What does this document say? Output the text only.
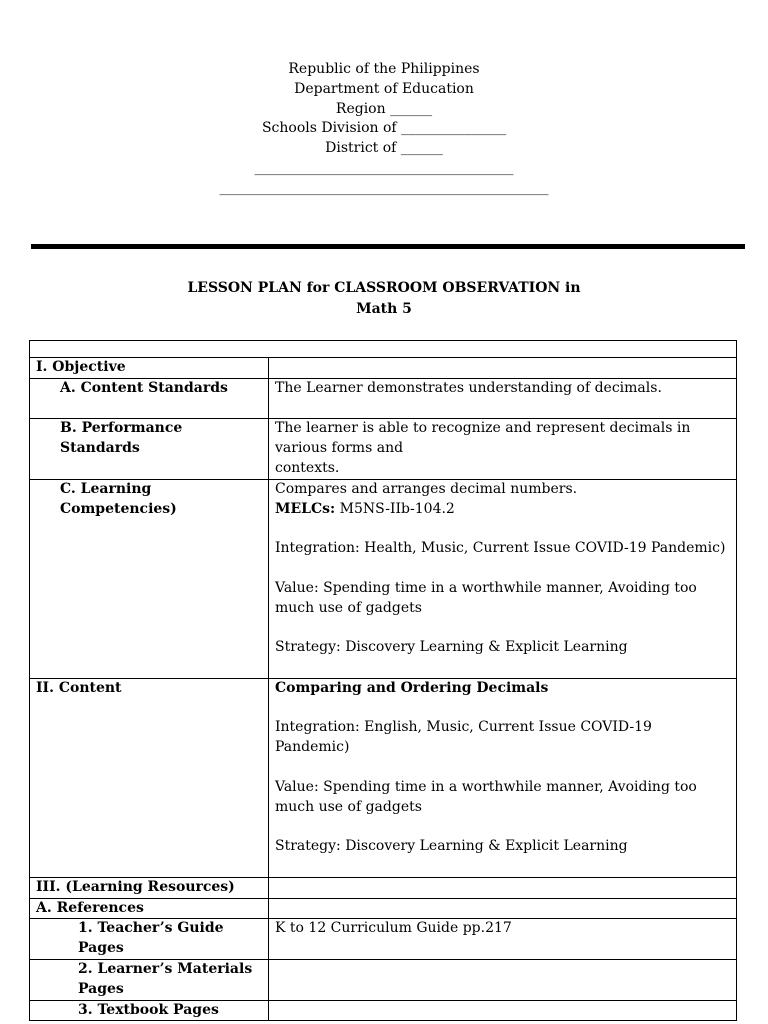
Republic of the Philippines
Department of Education
Region ______
Schools Division of _______________
District of ______
_____________________________________
_______________________________________________
LESSON PLAN for CLASSROOM OBSERVATION in
Math 5

I. Objective	
A. Content Standards	The Learner demonstrates understanding of decimals.
B. Performance Standards	The learner is able to recognize and represent decimals in various forms and
contexts.

C. Learning Competencies)	Compares and arranges decimal numbers.
MELCs: M5NS-IIb-104.2
Integration: Health, Music, Current Issue COVID-19 Pandemic)
Value: Spending time in a worthwhile manner, Avoiding too much use of gadgets
Strategy: Discovery Learning & Explicit Learning

II. Content	Comparing and Ordering Decimals
Integration: English, Music, Current Issue COVID-19 Pandemic)
Value: Spending time in a worthwhile manner, Avoiding too much use of gadgets
Strategy: Discovery Learning & Explicit Learning

III. (Learning Resources)	
A. References	
1. Teacher’s Guide Pages	K to 12 Curriculum Guide pp.217
2. Learner’s Materials Pages	
3. Textbook Pages	
